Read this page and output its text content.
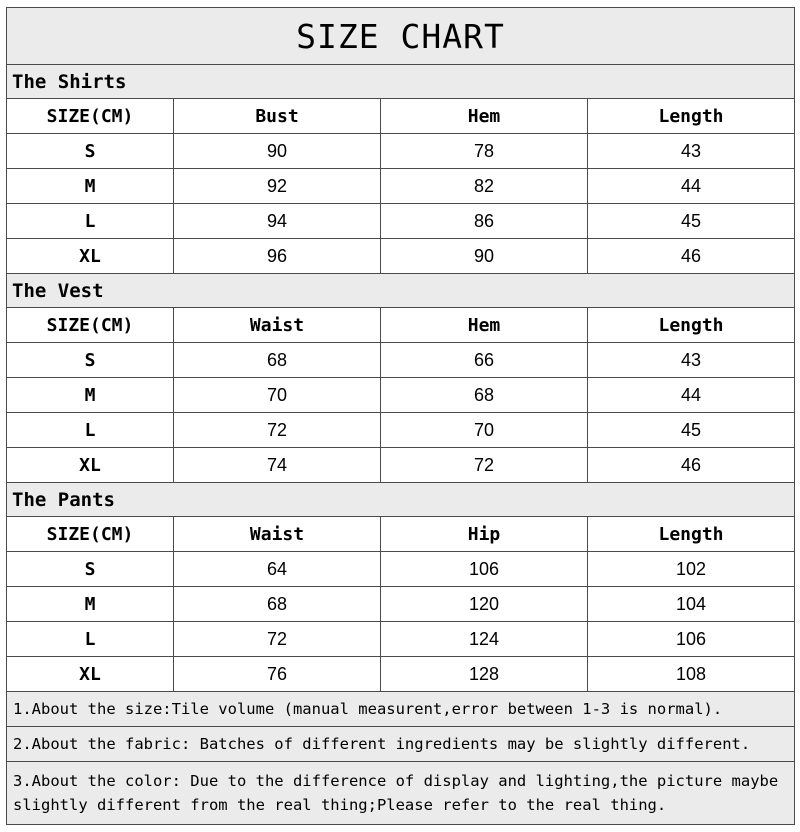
SIZE CHART			
The Shirts			
SIZE(CM)	Bust	Hem	Length
S	90	78	43
M	92	82	44
L	94	86	45
XL	96	90	46
The Vest			
SIZE(CM)	Waist	Hem	Length
S	68	66	43
M	70	68	44
L	72	70	45
XL	74	72	46
The Pants			
SIZE(CM)	Waist	Hip	Length
S	64	106	102
M	68	120	104
L	72	124	106
XL	76	128	108
1.About the size:Tile volume (manual measurent,error between 1-3 is normal).			
2.About the fabric: Batches of different ingredients may be slightly different.			
3.About the color: Due to the difference of display and lighting,the picture maybe slightly different from the real thing;Please refer to the real thing.			
